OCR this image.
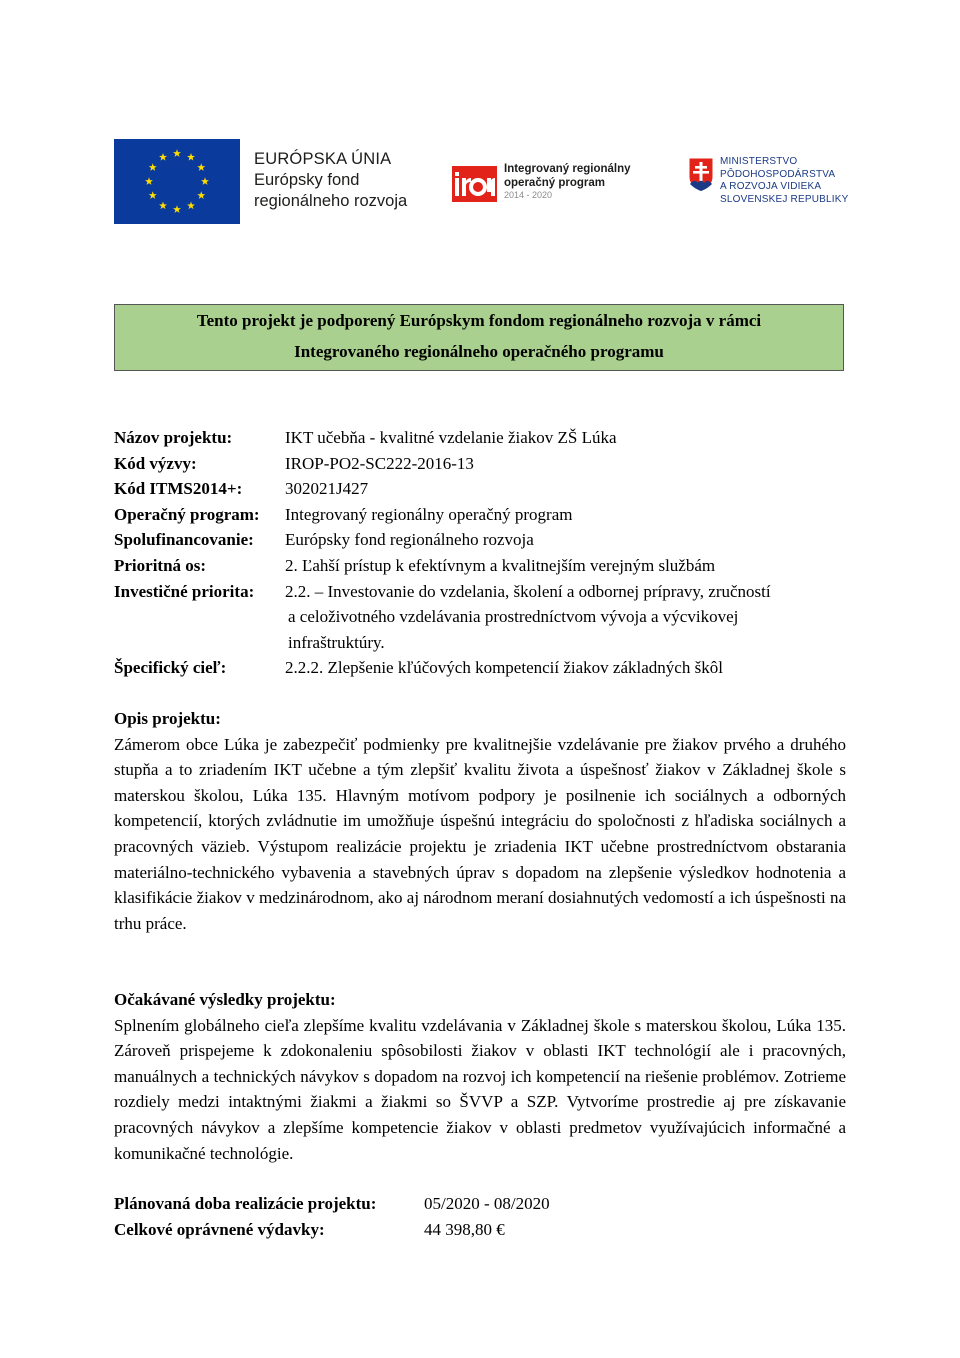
EURÓPSKA ÚNIA
Európsky fond
regionálneho rozvoja
Integrovaný regionálny
operačný program
2014 - 2020
MINISTERSTVO
PÔDOHOSPODÁRSTVA
A ROZVOJA VIDIEKA
SLOVENSKEJ REPUBLIKY
Tento projekt je podporený Európskym fondom regionálneho rozvoja v rámci
Integrovaného regionálneho operačného programu
Názov projektu:	IKT učebňa - kvalitné vzdelanie žiakov ZŠ Lúka
Kód výzvy:	IROP-PO2-SC222-2016-13
Kód ITMS2014+:	302021J427
Operačný program:	Integrovaný regionálny operačný program
Spolufinancovanie:	Európsky fond regionálneho rozvoja
Prioritná os:	2. Ľahší prístup k efektívnym a kvalitnejším verejným službám
Investičné priorita:	2.2. – Investovanie do vzdelania, školení a odbornej prípravy, zručností
a celoživotného vzdelávania prostredníctvom vývoja a výcvikovej
infraštruktúry.
Špecifický cieľ:	2.2.2. Zlepšenie kľúčových kompetencií žiakov základných škôl
Opis projektu:

Zámerom obce Lúka je zabezpečiť podmienky pre kvalitnejšie vzdelávanie pre žiakov prvého a druhého stupňa a to zriadením IKT učebne a tým zlepšiť kvalitu života a úspešnosť žiakov v Základnej škole s materskou školou, Lúka 135. Hlavným motívom podpory je posilnenie ich sociálnych a odborných kompetencií, ktorých zvládnutie im umožňuje úspešnú integráciu do spoločnosti z hľadiska sociálnych a pracovných väzieb. Výstupom realizácie projektu je zriadenia IKT učebne prostredníctvom obstarania materiálno-technického vybavenia a stavebných úprav s dopadom na zlepšenie výsledkov hodnotenia a klasifikácie žiakov v medzinárodnom, ako aj národnom meraní dosiahnutých vedomostí a ich úspešnosti na trhu práce.

Očakávané výsledky projektu:

Splnením globálneho cieľa zlepšíme kvalitu vzdelávania v Základnej škole s materskou školou, Lúka 135. Zároveň prispejeme k zdokonaleniu spôsobilosti žiakov v oblasti IKT technológií ale i pracovných, manuálnych a technických návykov s dopadom na rozvoj ich kompetencií na riešenie problémov. Zotrieme rozdiely medzi intaktnými žiakmi a žiakmi so ŠVVP a SZP. Vytvoríme prostredie aj pre získavanie pracovných návykov a zlepšíme kompetencie žiakov v oblasti predmetov využívajúcich informačné a komunikačné technológie.

Plánovaná doba realizácie projektu:	05/2020 - 08/2020
Celkové oprávnené výdavky:	44 398,80 €
